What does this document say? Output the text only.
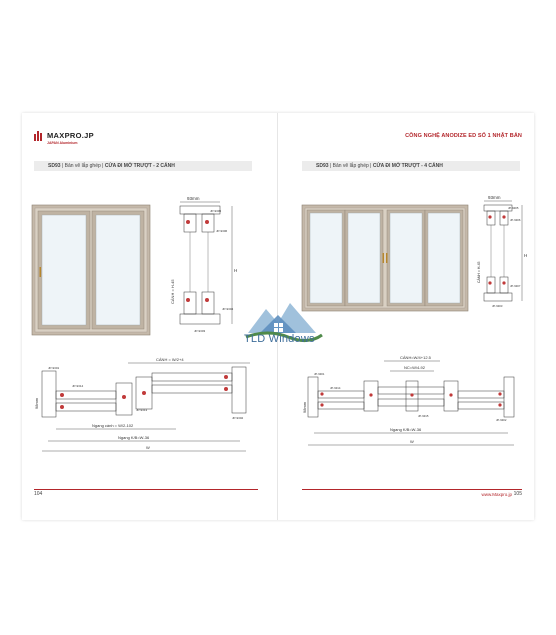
MAXPRO.JP
JAPAN Aluminium
SD93 | Bản vẽ lắp ghép | CỬA ĐI MỞ TRƯỢT - 2 CÁNH
93mm
CÁNH = H-45
H
JP-9305
JP-9306
JP-9304
JP-9303
CÁNH = W/2+4
98mm
JP-9301
JP-9314
JP-9313
JP-9302
Ngang cánh = W/2-102
Ngang K/B=W-36
W
104
CÔNG NGHỆ ANODIZE ED SỐ 1 NHẬT BẢN
SD93 | Bản vẽ lắp ghép | CỬA ĐI MỞ TRƯỢT - 4 CÁNH
93mm
CÁNH = H-45
H
JP-9305
JP-9306
JP-9307
JP-9303
CÁNH=W/4+12.5
NC=W/4-92
98mm
JP-9301
JP-9314
JP-9315
JP-9302
Ngang K/B=W-36
W
www.Maxpro.jp 105
TLD Windows
